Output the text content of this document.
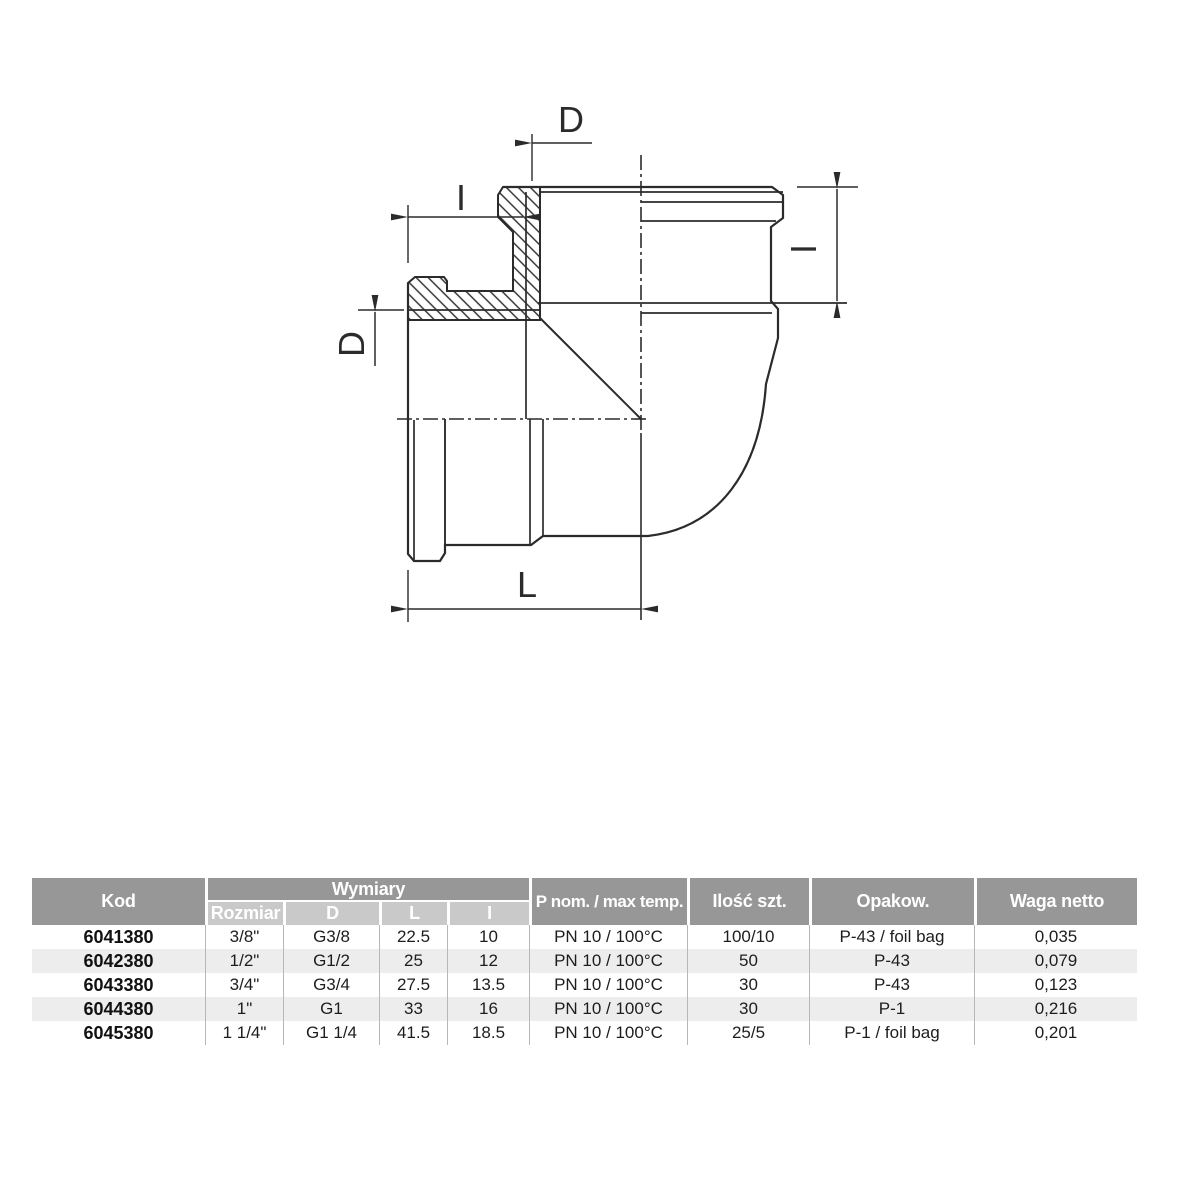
D
I
I
D
L
Kod
Wymiary
Rozmiar	D	L	I
P nom. / max temp.	Ilość szt.	Opakow.	Waga netto
6041380	3/8"	G3/8	22.5	10	PN 10 / 100°C	100/10	P-43 / foil bag	0,035
6042380	1/2"	G1/2	25	12	PN 10 / 100°C	50	P-43	0,079
6043380	3/4"	G3/4	27.5	13.5	PN 10 / 100°C	30	P-43	0,123
6044380	1"	G1	33	16	PN 10 / 100°C	30	P-1	0,216
6045380	1 1/4"	G1 1/4	41.5	18.5	PN 10 / 100°C	25/5	P-1 / foil bag	0,201
